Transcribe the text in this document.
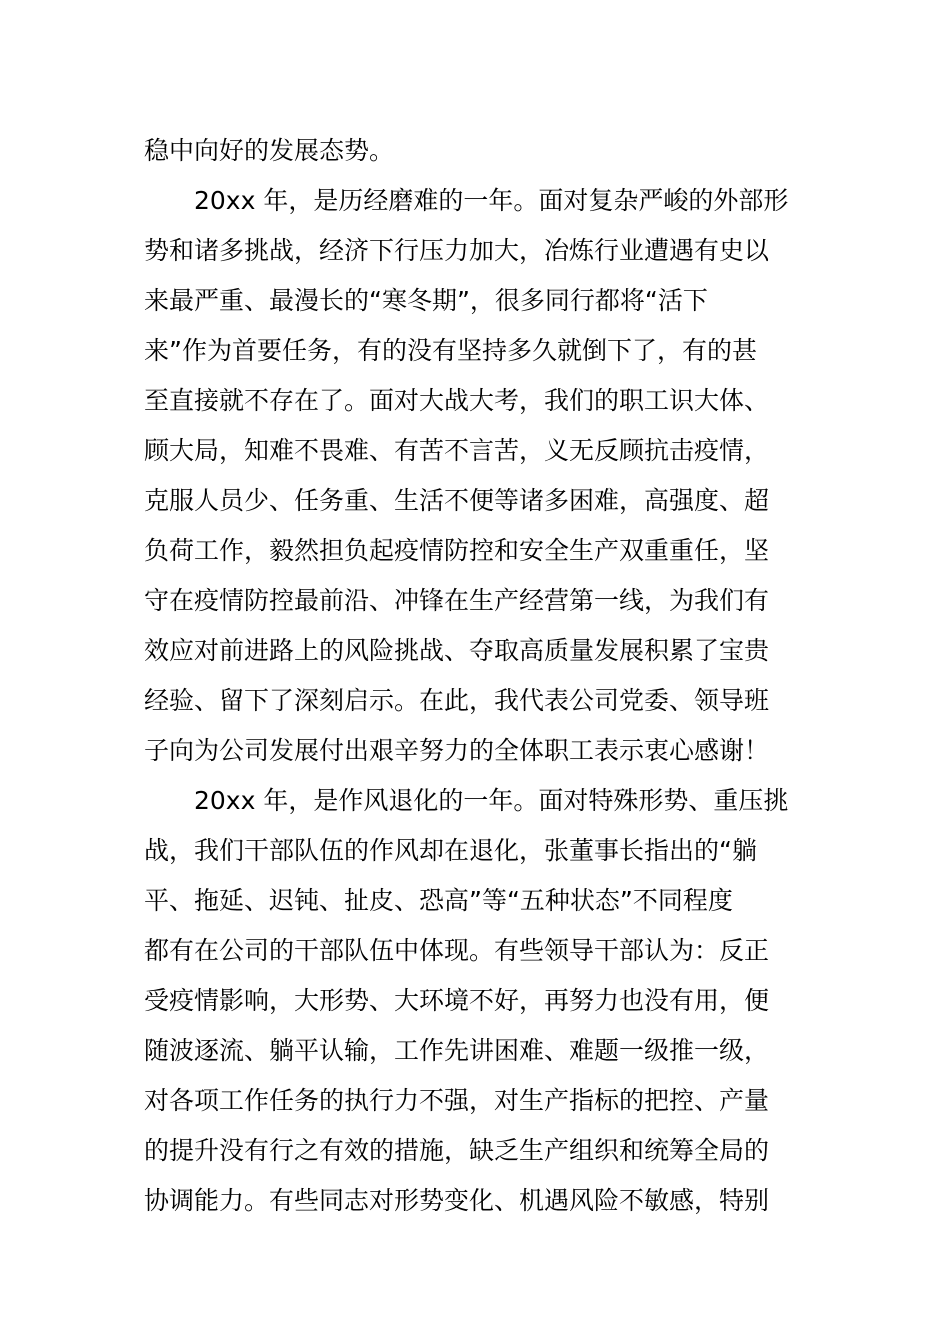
稳中向好的发展态势。
20xx 年，是历经磨难的一年。面对复杂严峻的外部形
势和诸多挑战，经济下行压力加大，冶炼行业遭遇有史以
来最严重、最漫长的“寒冬期”，很多同行都将“活下
来”作为首要任务，有的没有坚持多久就倒下了，有的甚
至直接就不存在了。面对大战大考，我们的职工识大体、
顾大局，知难不畏难、有苦不言苦，义无反顾抗击疫情，
克服人员少、任务重、生活不便等诸多困难，高强度、超
负荷工作，毅然担负起疫情防控和安全生产双重重任，坚
守在疫情防控最前沿、冲锋在生产经营第一线，为我们有
效应对前进路上的风险挑战、夺取高质量发展积累了宝贵
经验、留下了深刻启示。在此，我代表公司党委、领导班
子向为公司发展付出艰辛努力的全体职工表示衷心感谢！
20xx 年，是作风退化的一年。面对特殊形势、重压挑
战，我们干部队伍的作风却在退化，张董事长指出的“躺
平、拖延、迟钝、扯皮、恐高”等“五种状态”不同程度
都有在公司的干部队伍中体现。有些领导干部认为：反正
受疫情影响，大形势、大环境不好，再努力也没有用，便
随波逐流、躺平认输，工作先讲困难、难题一级推一级，
对各项工作任务的执行力不强，对生产指标的把控、产量
的提升没有行之有效的措施，缺乏生产组织和统筹全局的
协调能力。有些同志对形势变化、机遇风险不敏感，特别
